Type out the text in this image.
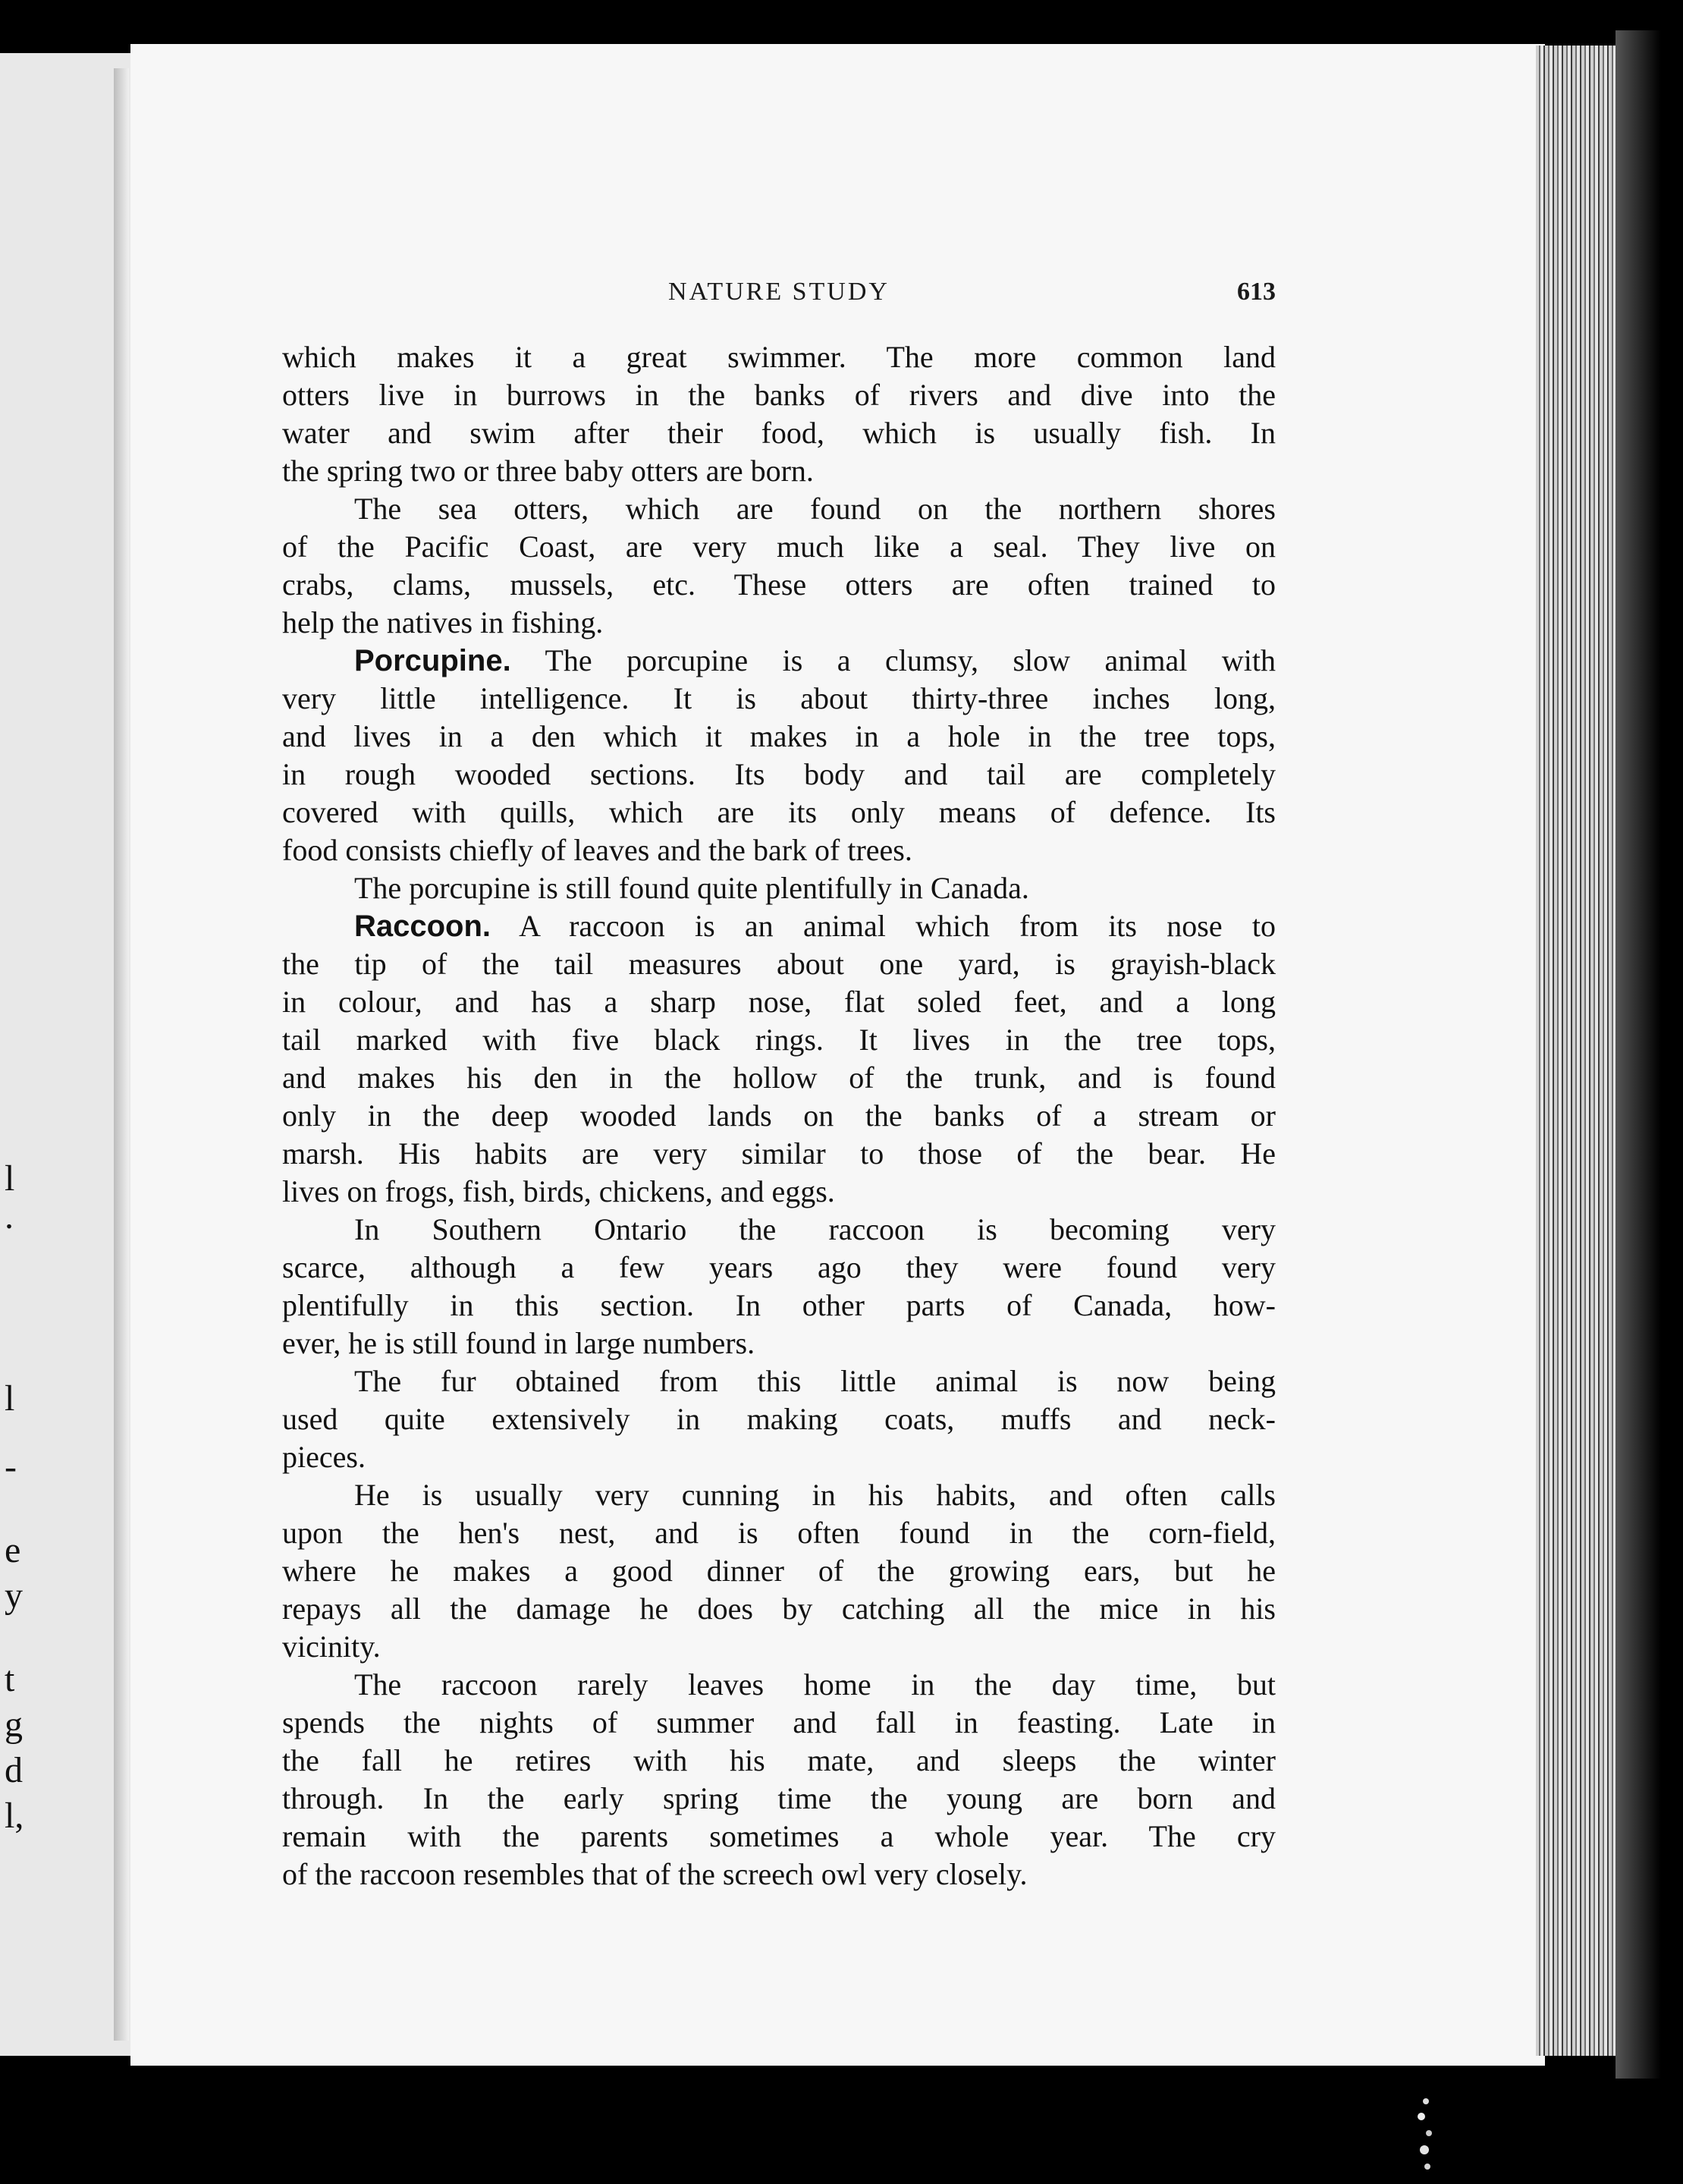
l
.
l
-
e
y
t
g
d
l,
NATURE STUDY	613
which makes it a great swimmer. The more common land
otters live in burrows in the banks of rivers and dive into the
water and swim after their food, which is usually fish. In
the spring two or three baby otters are born.
The sea otters, which are found on the northern shores
of the Pacific Coast, are very much like a seal. They live on
crabs, clams, mussels, etc. These otters are often trained to
help the natives in fishing.
Porcupine. The porcupine is a clumsy, slow animal with
very little intelligence. It is about thirty-three inches long,
and lives in a den which it makes in a hole in the tree tops,
in rough wooded sections. Its body and tail are completely
covered with quills, which are its only means of defence. Its
food consists chiefly of leaves and the bark of trees.
The porcupine is still found quite plentifully in Canada.
Raccoon. A raccoon is an animal which from its nose to
the tip of the tail measures about one yard, is grayish-black
in colour, and has a sharp nose, flat soled feet, and a long
tail marked with five black rings. It lives in the tree tops,
and makes his den in the hollow of the trunk, and is found
only in the deep wooded lands on the banks of a stream or
marsh. His habits are very similar to those of the bear. He
lives on frogs, fish, birds, chickens, and eggs.
In Southern Ontario the raccoon is becoming very
scarce, although a few years ago they were found very
plentifully in this section. In other parts of Canada, how-
ever, he is still found in large numbers.
The fur obtained from this little animal is now being
used quite extensively in making coats, muffs and neck-
pieces.
He is usually very cunning in his habits, and often calls
upon the hen's nest, and is often found in the corn-field,
where he makes a good dinner of the growing ears, but he
repays all the damage he does by catching all the mice in his
vicinity.
The raccoon rarely leaves home in the day time, but
spends the nights of summer and fall in feasting. Late in
the fall he retires with his mate, and sleeps the winter
through. In the early spring time the young are born and
remain with the parents sometimes a whole year. The cry
of the raccoon resembles that of the screech owl very closely.
